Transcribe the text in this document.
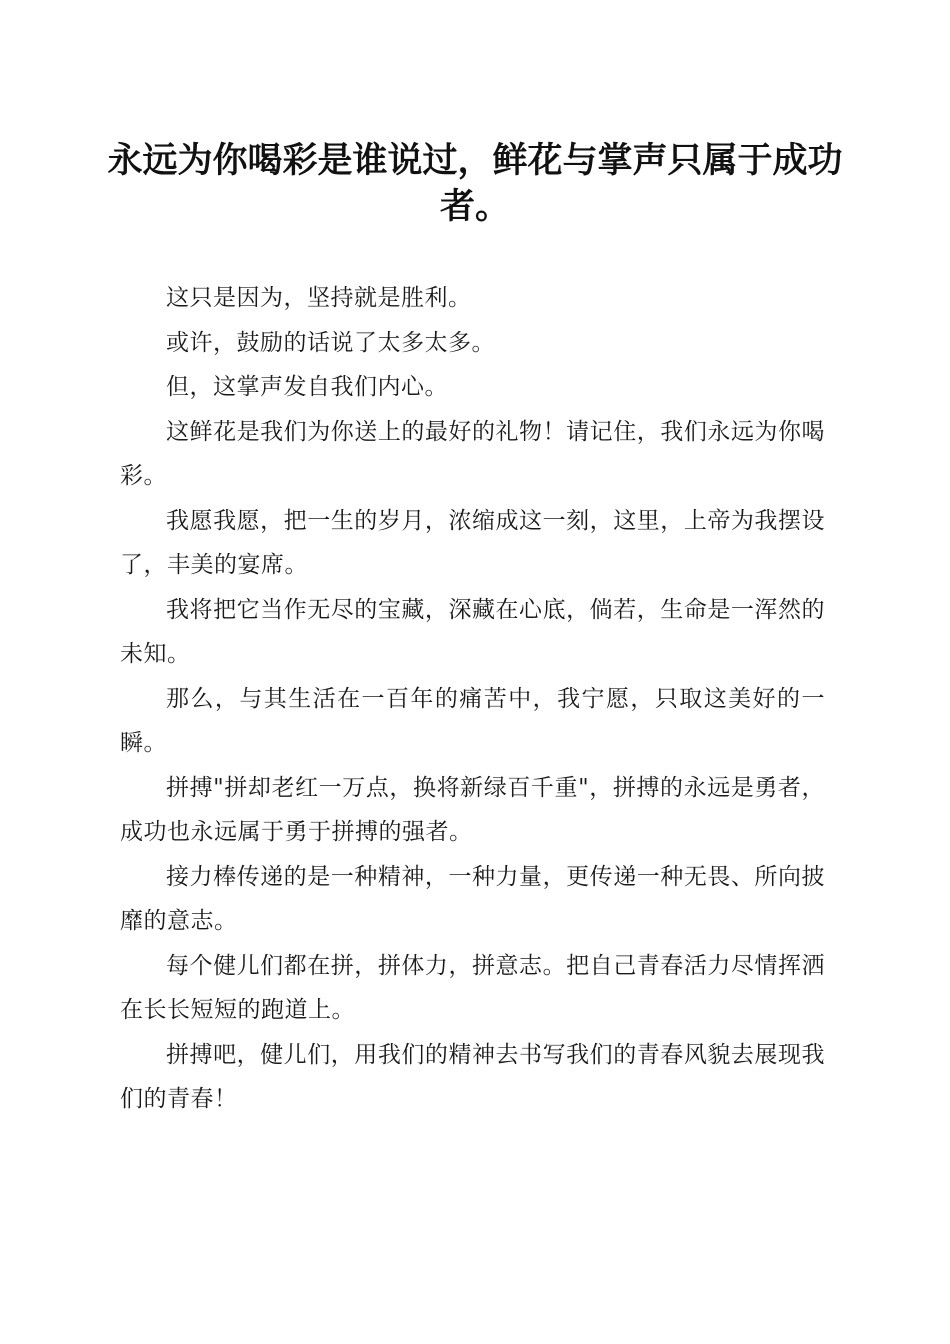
永远为你喝彩是谁说过，鲜花与掌声只属于成功者。

这只是因为，坚持就是胜利。

或许，鼓励的话说了太多太多。

但，这掌声发自我们内心。

这鲜花是我们为你送上的最好的礼物！请记住，我们永远为你喝彩。

我愿我愿，把一生的岁月，浓缩成这一刻，这里，上帝为我摆设了，丰美的宴席。

我将把它当作无尽的宝藏，深藏在心底，倘若，生命是一浑然的未知。

那么，与其生活在一百年的痛苦中，我宁愿，只取这美好的一瞬。

拼搏"拼却老红一万点，换将新绿百千重"，拼搏的永远是勇者，成功也永远属于勇于拼搏的强者。

接力棒传递的是一种精神，一种力量，更传递一种无畏、所向披靡的意志。

每个健儿们都在拼，拼体力，拼意志。把自己青春活力尽情挥洒在长长短短的跑道上。

拼搏吧，健儿们，用我们的精神去书写我们的青春风貌去展现我们的青春！
